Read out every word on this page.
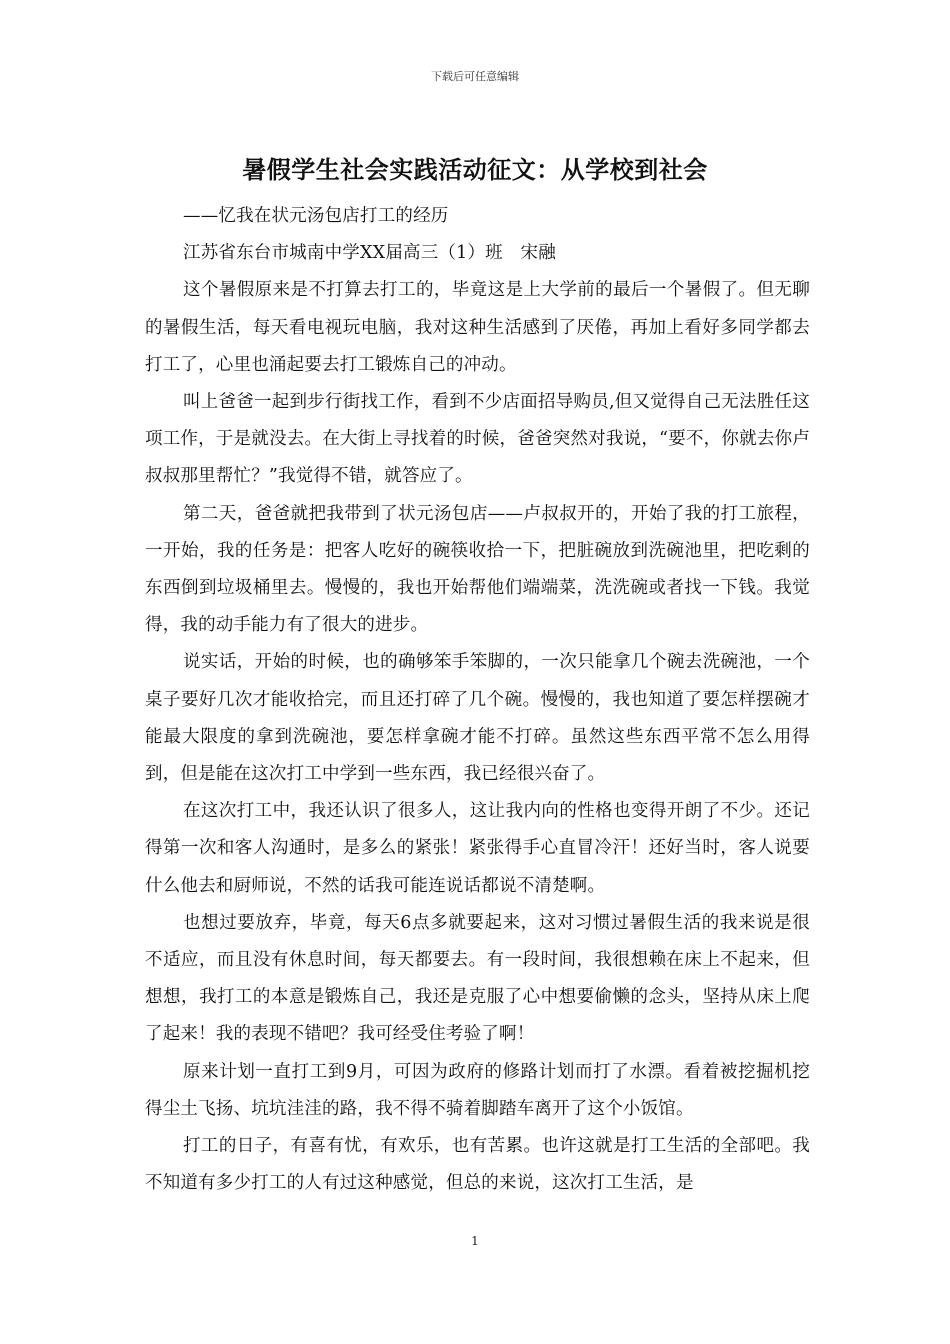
下载后可任意编辑
暑假学生社会实践活动征文：从学校到社会

——忆我在状元汤包店打工的经历

江苏省东台市城南中学XX届高三（1）班　宋融

这个暑假原来是不打算去打工的，毕竟这是上大学前的最后一个暑假了。但无聊的暑假生活，每天看电视玩电脑，我对这种生活感到了厌倦，再加上看好多同学都去打工了，心里也涌起要去打工锻炼自己的冲动。

叫上爸爸一起到步行街找工作，看到不少店面招导购员,但又觉得自己无法胜任这项工作，于是就没去。在大街上寻找着的时候，爸爸突然对我说，“要不，你就去你卢叔叔那里帮忙？”我觉得不错，就答应了。

第二天，爸爸就把我带到了状元汤包店——卢叔叔开的，开始了我的打工旅程，一开始，我的任务是：把客人吃好的碗筷收拾一下，把脏碗放到洗碗池里，把吃剩的东西倒到垃圾桶里去。慢慢的，我也开始帮他们端端菜，洗洗碗或者找一下钱。我觉得，我的动手能力有了很大的进步。

说实话，开始的时候，也的确够笨手笨脚的，一次只能拿几个碗去洗碗池，一个桌子要好几次才能收拾完，而且还打碎了几个碗。慢慢的，我也知道了要怎样摆碗才能最大限度的拿到洗碗池，要怎样拿碗才能不打碎。虽然这些东西平常不怎么用得到，但是能在这次打工中学到一些东西，我已经很兴奋了。

在这次打工中，我还认识了很多人，这让我内向的性格也变得开朗了不少。还记得第一次和客人沟通时，是多么的紧张！紧张得手心直冒冷汗！还好当时，客人说要什么他去和厨师说，不然的话我可能连说话都说不清楚啊。

也想过要放弃，毕竟，每天6点多就要起来，这对习惯过暑假生活的我来说是很不适应，而且没有休息时间，每天都要去。有一段时间，我很想赖在床上不起来，但想想，我打工的本意是锻炼自己，我还是克服了心中想要偷懒的念头，坚持从床上爬了起来！我的表现不错吧？我可经受住考验了啊！

原来计划一直打工到9月，可因为政府的修路计划而打了水漂。看着被挖掘机挖得尘土飞扬、坑坑洼洼的路，我不得不骑着脚踏车离开了这个小饭馆。

打工的日子，有喜有忧，有欢乐，也有苦累。也许这就是打工生活的全部吧。我不知道有多少打工的人有过这种感觉，但总的来说，这次打工生活，是

1
